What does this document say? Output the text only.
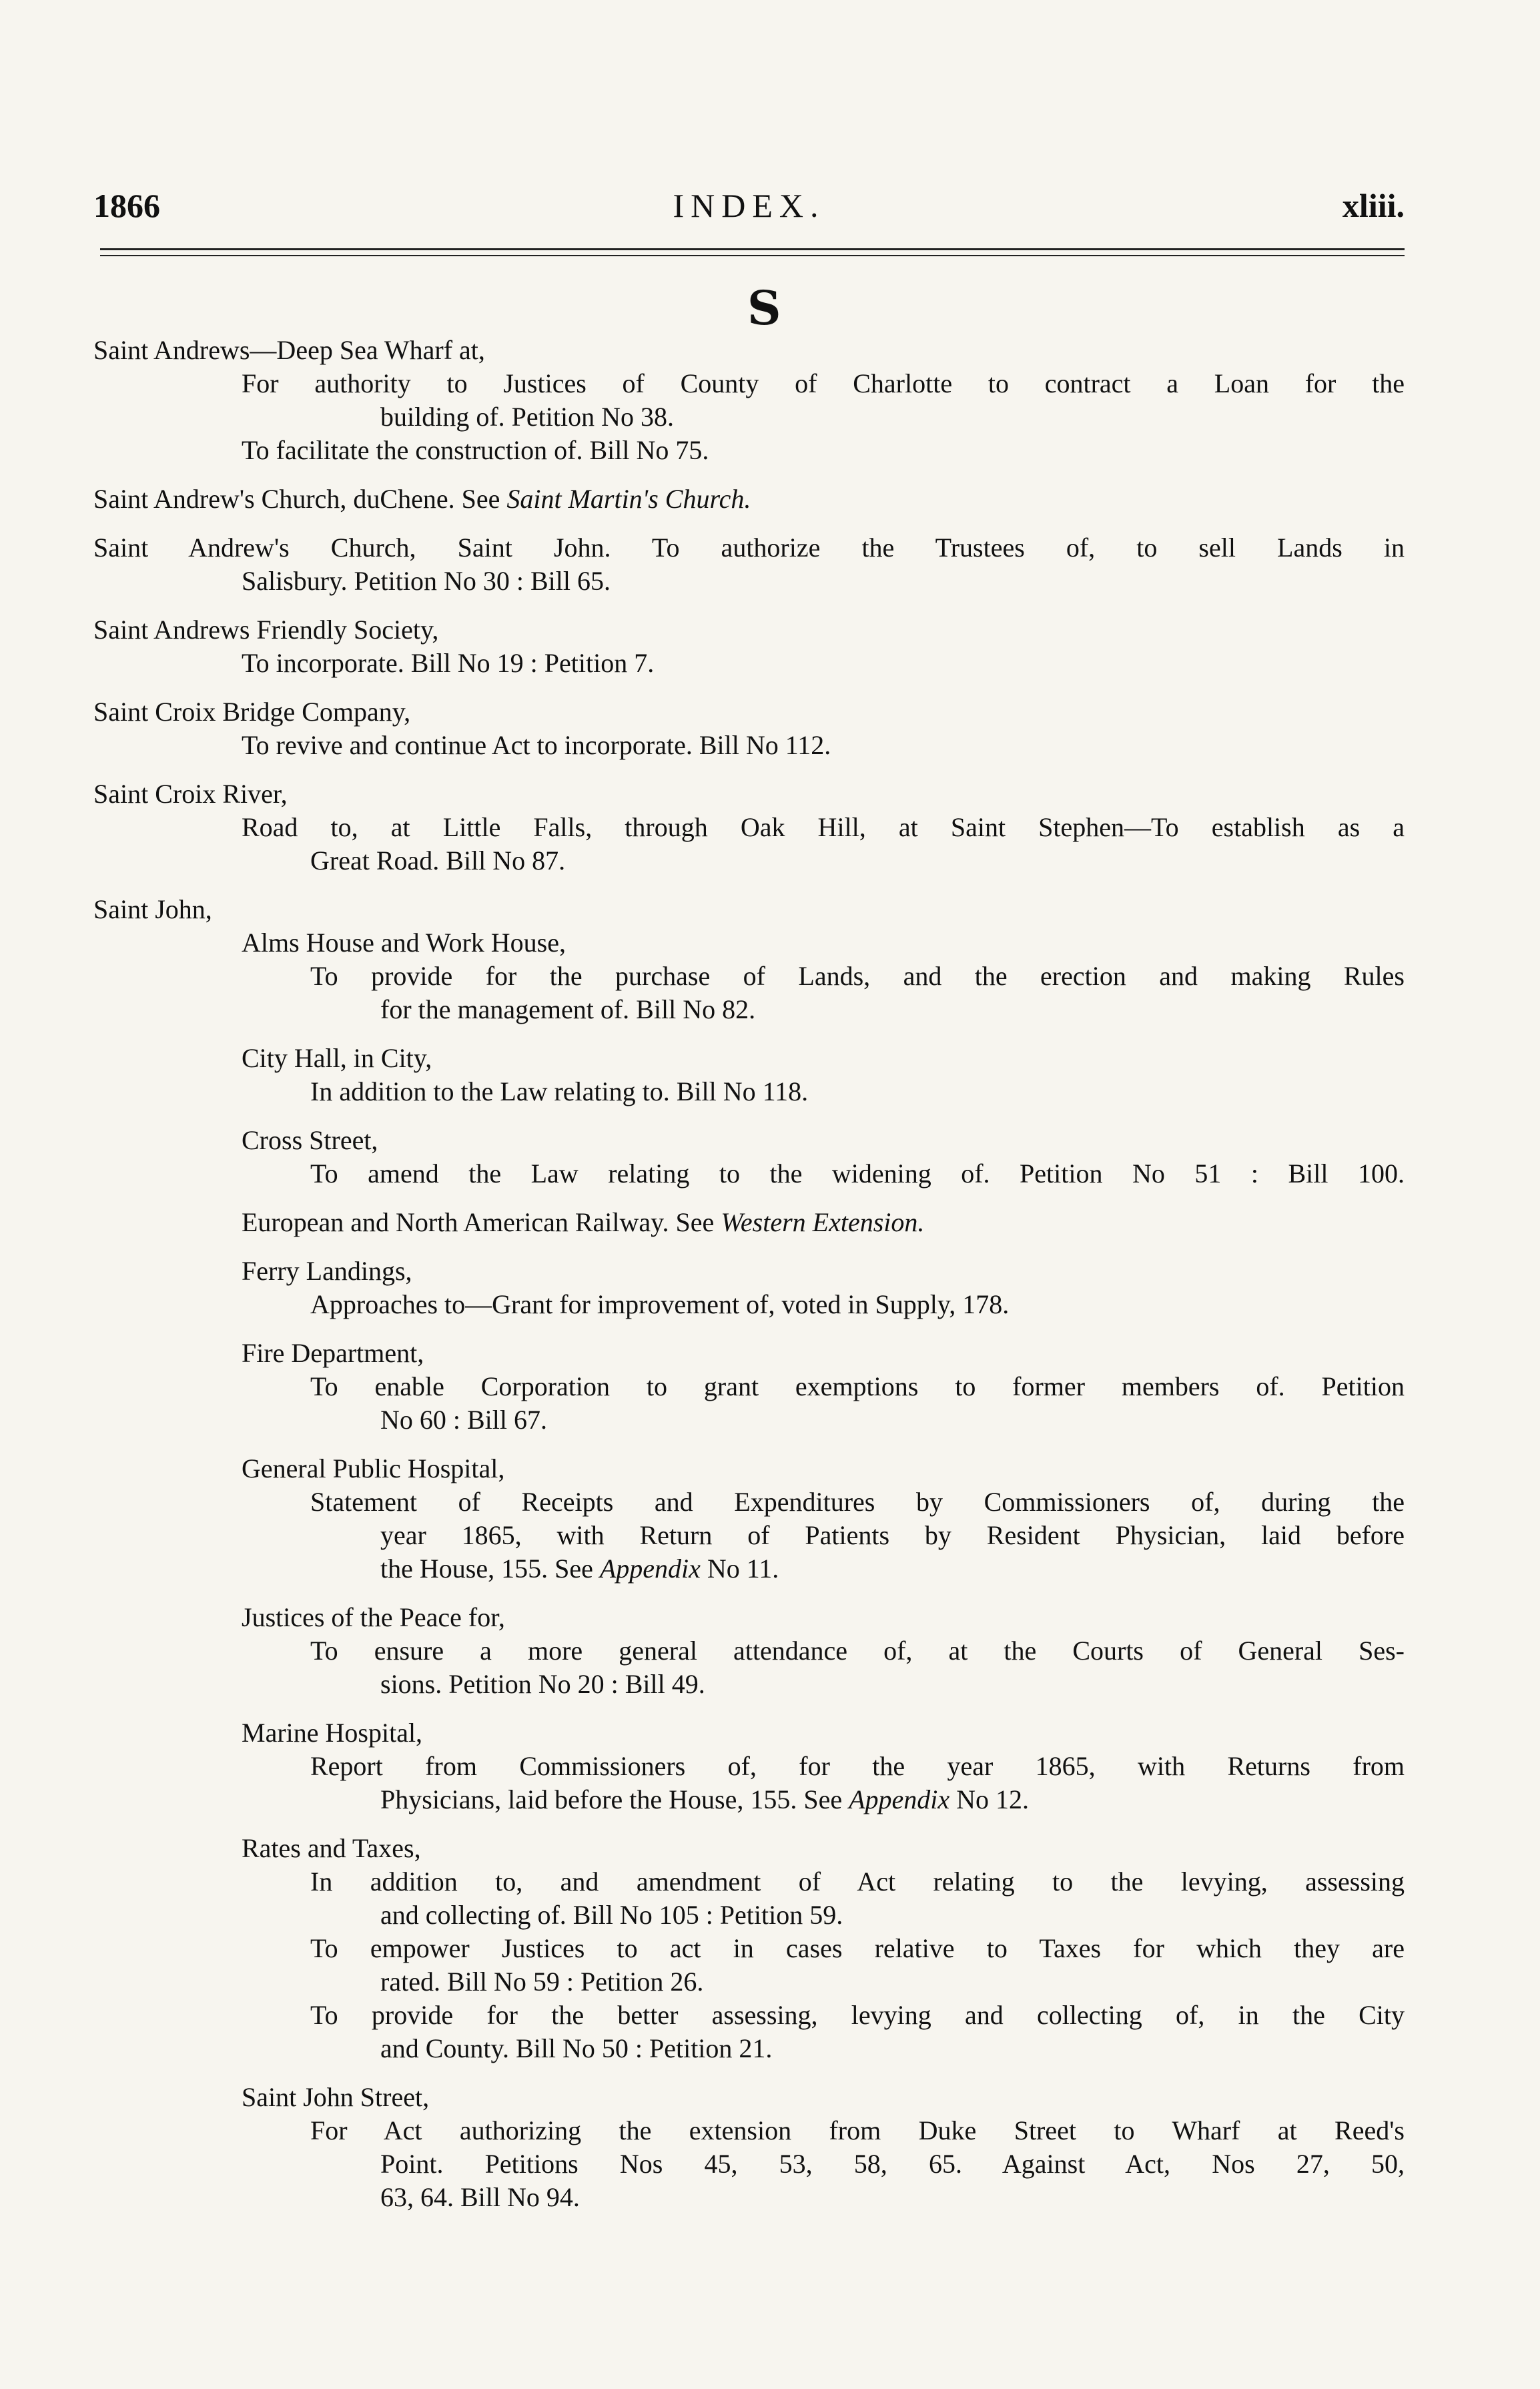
1866	INDEX.	xliii.
S
Saint Andrews—Deep Sea Wharf at,
For authority to Justices of County of Charlotte to contract a Loan for the
building of. Petition No 38.
To facilitate the construction of. Bill No 75.
Saint Andrew's Church, duChene. See Saint Martin's Church.
Saint Andrew's Church, Saint John. To authorize the Trustees of, to sell Lands in
Salisbury. Petition No 30 : Bill 65.
Saint Andrews Friendly Society,
To incorporate. Bill No 19 : Petition 7.
Saint Croix Bridge Company,
To revive and continue Act to incorporate. Bill No 112.
Saint Croix River,
Road to, at Little Falls, through Oak Hill, at Saint Stephen—To establish as a
Great Road. Bill No 87.
Saint John,
Alms House and Work House,
To provide for the purchase of Lands, and the erection and making Rules
for the management of. Bill No 82.
City Hall, in City,
In addition to the Law relating to. Bill No 118.
Cross Street,
To amend the Law relating to the widening of. Petition No 51 : Bill 100.
European and North American Railway. See Western Extension.
Ferry Landings,
Approaches to—Grant for improvement of, voted in Supply, 178.
Fire Department,
To enable Corporation to grant exemptions to former members of. Petition
No 60 : Bill 67.
General Public Hospital,
Statement of Receipts and Expenditures by Commissioners of, during the
year 1865, with Return of Patients by Resident Physician, laid before
the House, 155. See Appendix No 11.
Justices of the Peace for,
To ensure a more general attendance of, at the Courts of General Ses-
sions. Petition No 20 : Bill 49.
Marine Hospital,
Report from Commissioners of, for the year 1865, with Returns from
Physicians, laid before the House, 155. See Appendix No 12.
Rates and Taxes,
In addition to, and amendment of Act relating to the levying, assessing
and collecting of. Bill No 105 : Petition 59.
To empower Justices to act in cases relative to Taxes for which they are
rated. Bill No 59 : Petition 26.
To provide for the better assessing, levying and collecting of, in the City
and County. Bill No 50 : Petition 21.
Saint John Street,
For Act authorizing the extension from Duke Street to Wharf at Reed's
Point. Petitions Nos 45, 53, 58, 65. Against Act, Nos 27, 50,
63, 64. Bill No 94.
